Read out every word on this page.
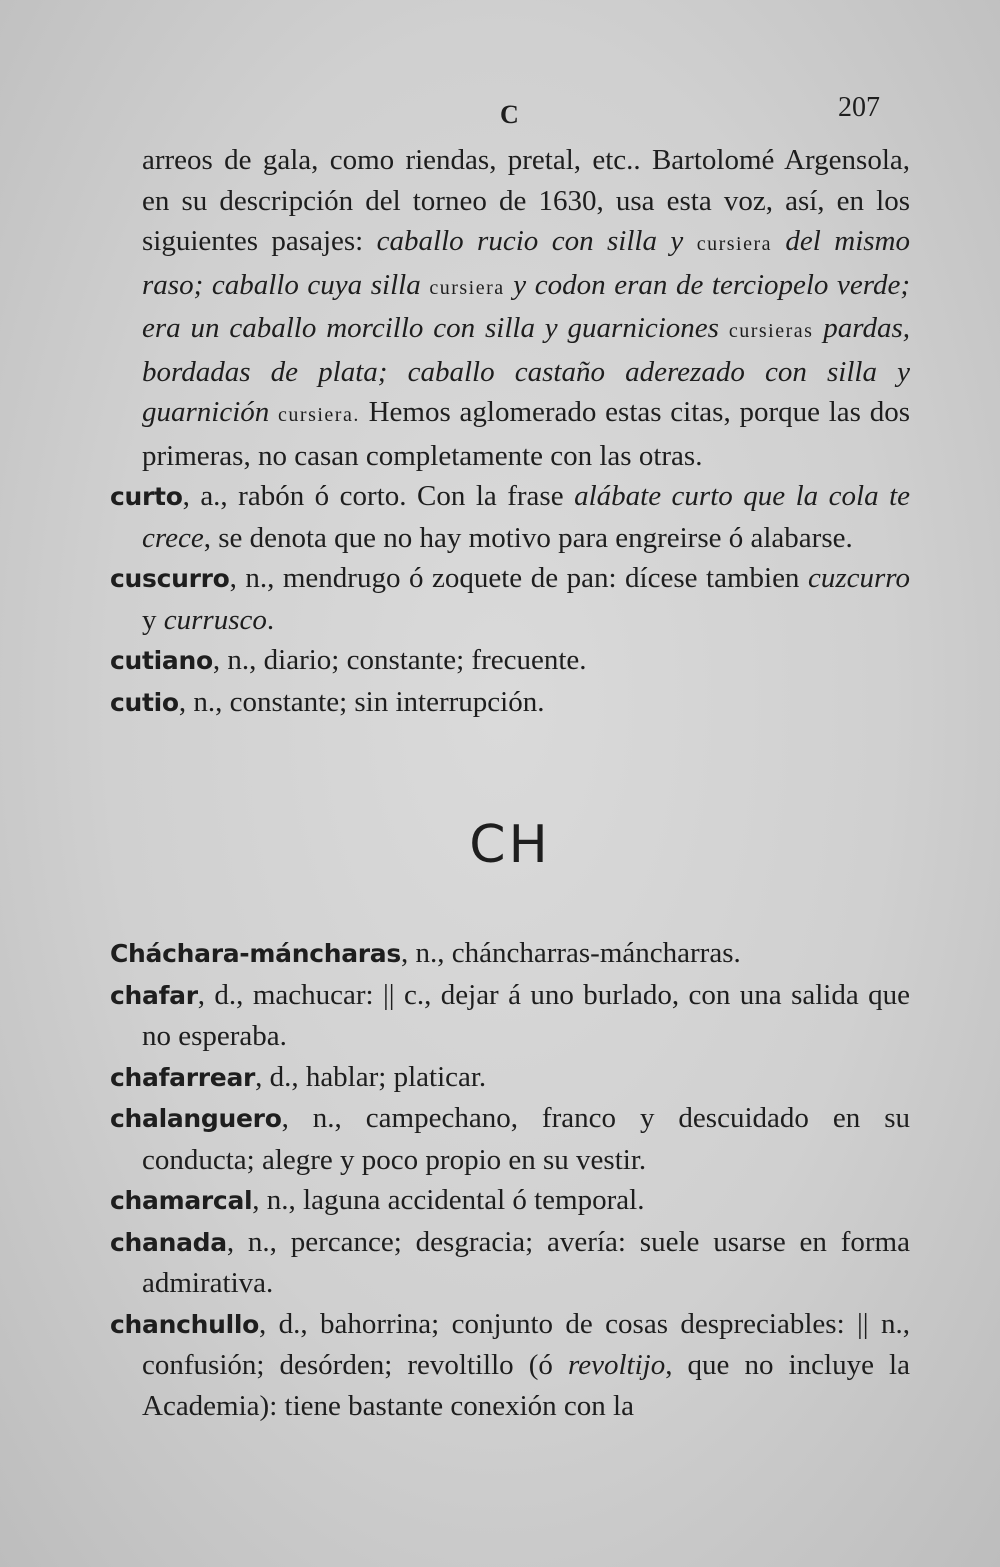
C	207

arreos de gala, como riendas, pretal, etc.. Bartolomé Argensola, en su descripción del torneo de 1630, usa esta voz, así, en los siguientes pasajes: caballo rucio con silla y cursiera del mismo raso; caballo cuya silla cursiera y codon eran de terciopelo verde; era un caballo morcillo con silla y guarniciones cursieras pardas, bordadas de plata; caballo castaño aderezado con silla y guarnición cursiera. Hemos aglomerado estas citas, porque las dos primeras, no casan completamente con las otras.

curto, a., rabón ó corto. Con la frase alábate curto que la cola te crece, se denota que no hay motivo para engreirse ó alabarse.

cuscurro, n., mendrugo ó zoquete de pan: dícese tambien cuzcurro y currusco.

cutiano, n., diario; constante; frecuente.

cutio, n., constante; sin interrupción.

CH

Cháchara-máncharas, n., cháncharras-máncharras.

chafar, d., machucar: || c., dejar á uno burlado, con una salida que no esperaba.

chafarrear, d., hablar; platicar.

chalanguero, n., campechano, franco y descuidado en su conducta; alegre y poco propio en su vestir.

chamarcal, n., laguna accidental ó temporal.

chanada, n., percance; desgracia; avería: suele usarse en forma admirativa.

chanchullo, d., bahorrina; conjunto de cosas despreciables: || n., confusión; desórden; revoltillo (ó revoltijo, que no incluye la Academia): tiene bastante conexión con la
